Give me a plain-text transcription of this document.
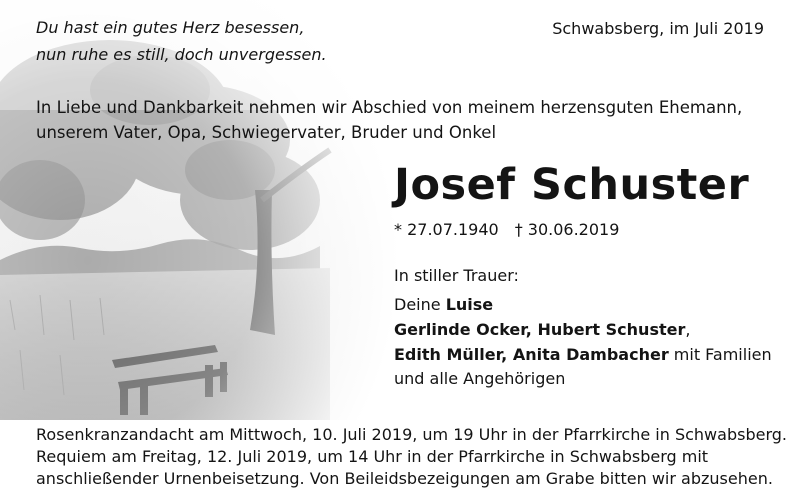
Du hast ein gutes Herz besessen,
nun ruhe es still, doch unvergessen.
Schwabsberg, im Juli 2019
In Liebe und Dankbarkeit nehmen wir Abschied von meinem herzensguten Ehemann,
unserem Vater, Opa, Schwiegervater, Bruder und Onkel
Josef Schuster
* 27.07.1940 † 30.06.2019
In stiller Trauer:
Deine Luise
Gerlinde Ocker, Hubert Schuster,
Edith Müller, Anita Dambacher mit Familien
und alle Angehörigen
Rosenkranzandacht am Mittwoch, 10. Juli 2019, um 19 Uhr in der Pfarrkirche in Schwabsberg.
Requiem am Freitag, 12. Juli 2019, um 14 Uhr in der Pfarrkirche in Schwabsberg mit
anschließender Urnenbeisetzung. Von Beileidsbezeigungen am Grabe bitten wir abzusehen.
